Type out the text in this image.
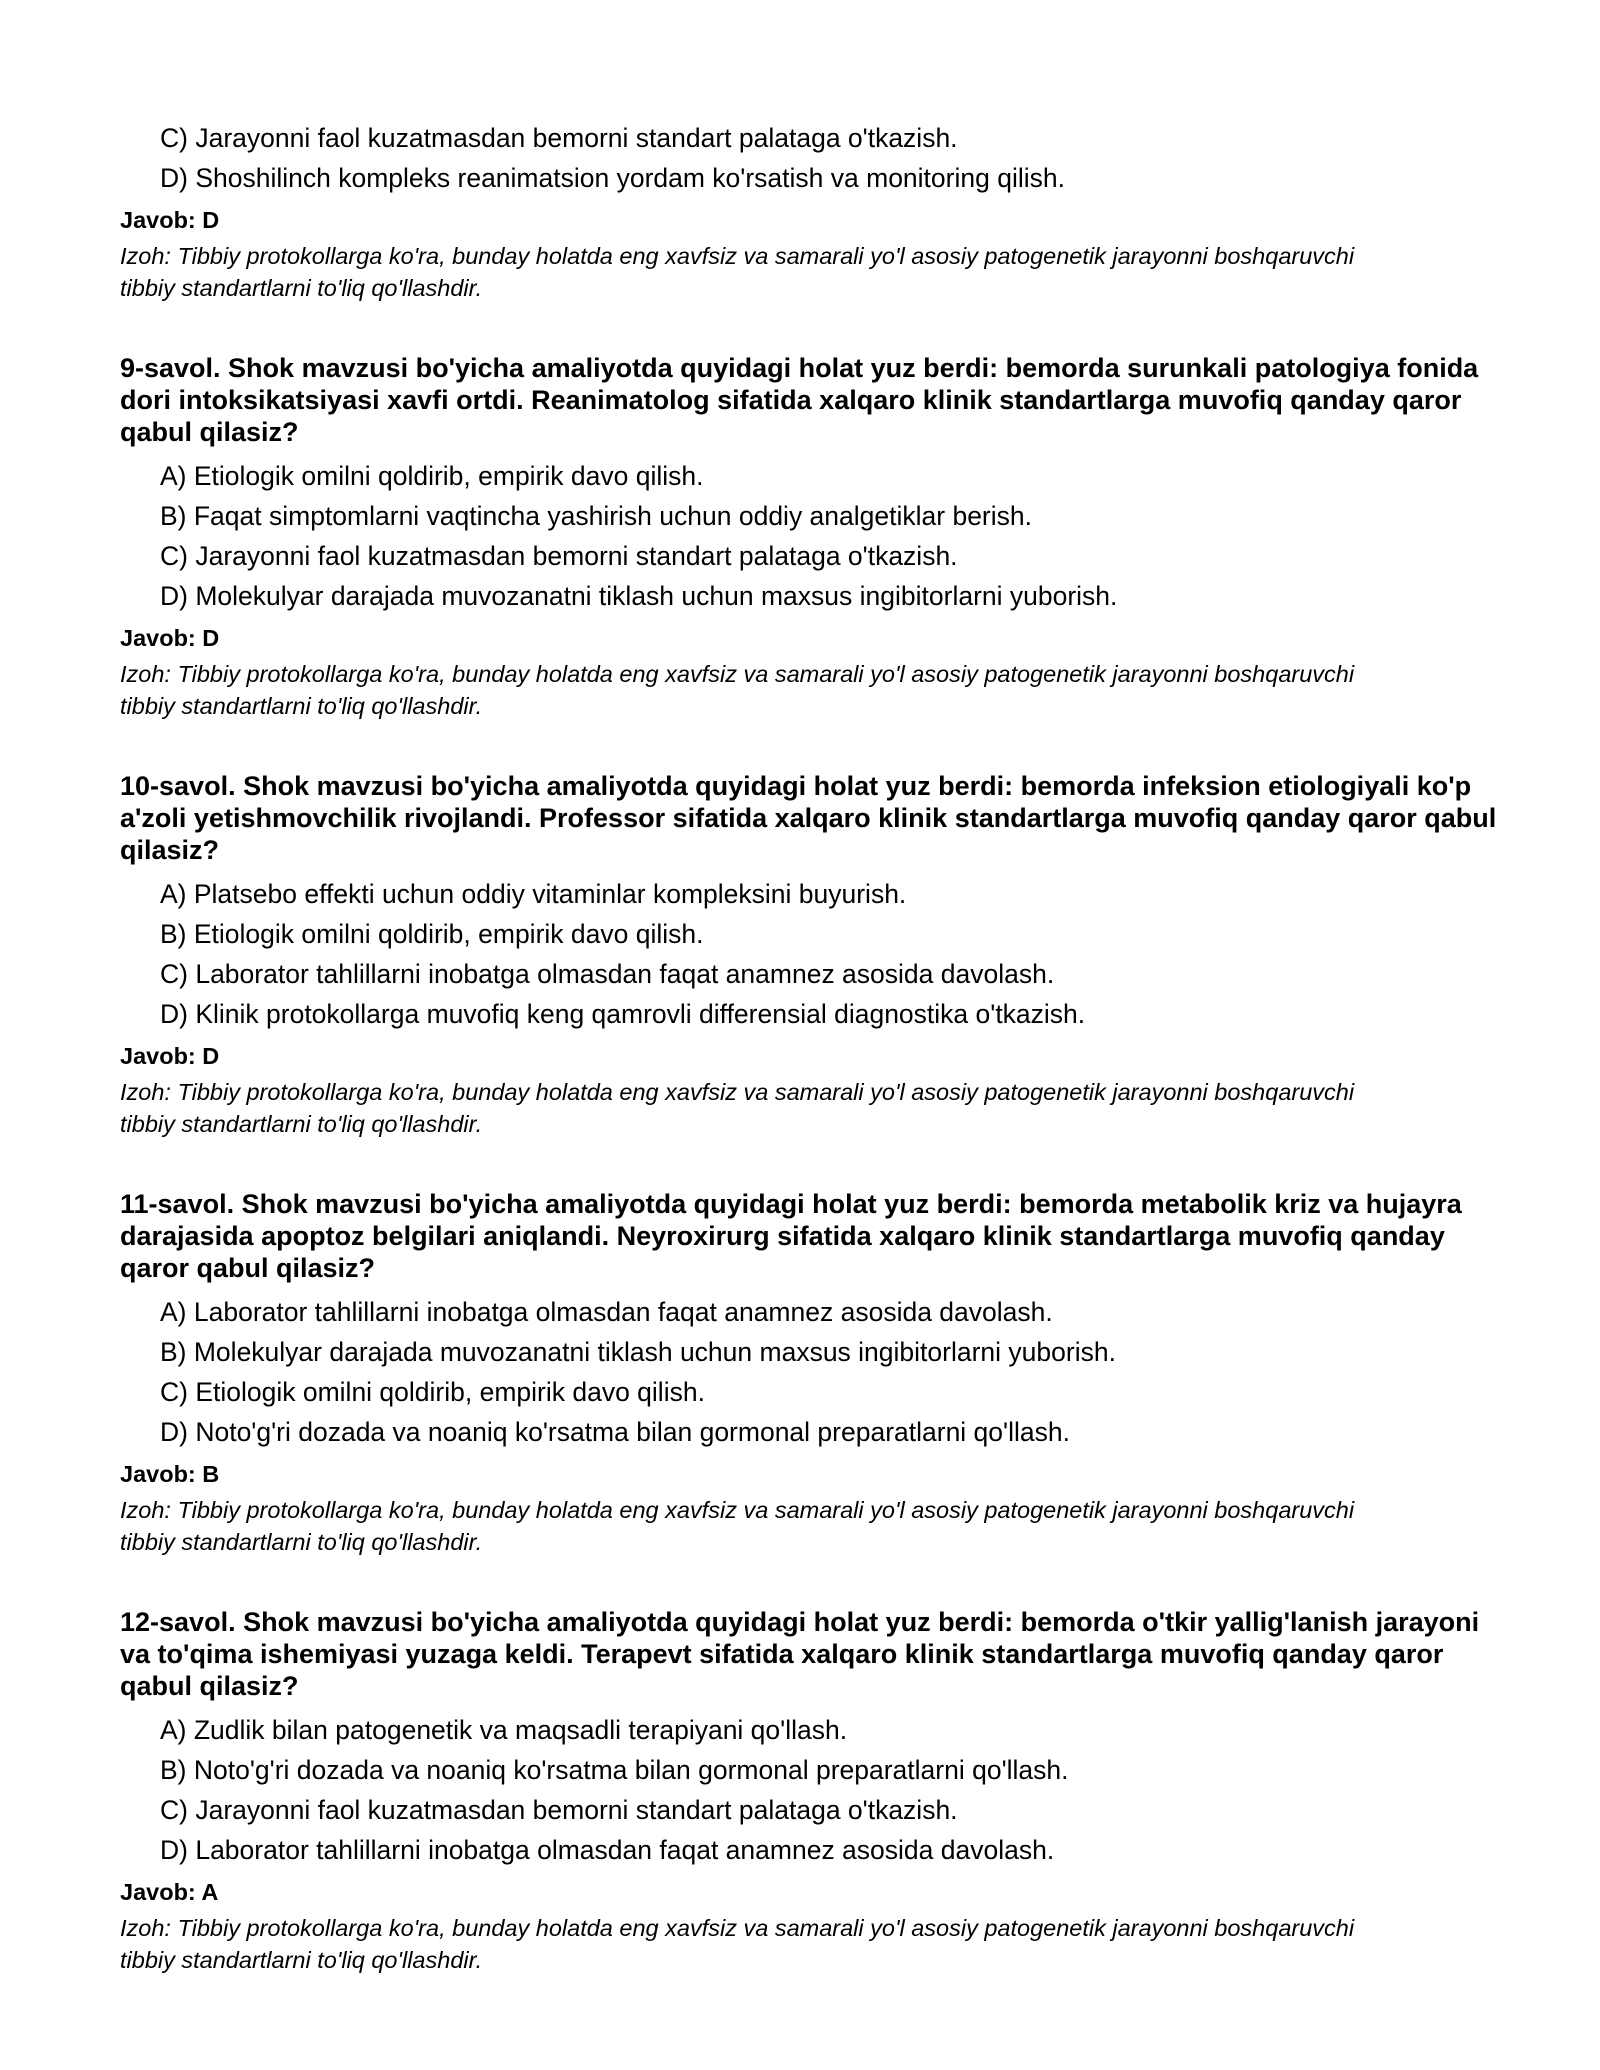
C) Jarayonni faol kuzatmasdan bemorni standart palataga o'tkazish.
D) Shoshilinch kompleks reanimatsion yordam ko'rsatish va monitoring qilish.
Javob: D
Izoh: Tibbiy protokollarga ko'ra, bunday holatda eng xavfsiz va samarali yo'l asosiy patogenetik jarayonni boshqaruvchi tibbiy standartlarni to'liq qo'llashdir.

9-savol. Shok mavzusi bo'yicha amaliyotda quyidagi holat yuz berdi: bemorda surunkali patologiya fonida dori intoksikatsiyasi xavfi ortdi. Reanimatolog sifatida xalqaro klinik standartlarga muvofiq qanday qaror qabul qilasiz?

A) Etiologik omilni qoldirib, empirik davo qilish.
B) Faqat simptomlarni vaqtincha yashirish uchun oddiy analgetiklar berish.
C) Jarayonni faol kuzatmasdan bemorni standart palataga o'tkazish.
D) Molekulyar darajada muvozanatni tiklash uchun maxsus ingibitorlarni yuborish.
Javob: D
Izoh: Tibbiy protokollarga ko'ra, bunday holatda eng xavfsiz va samarali yo'l asosiy patogenetik jarayonni boshqaruvchi tibbiy standartlarni to'liq qo'llashdir.

10-savol. Shok mavzusi bo'yicha amaliyotda quyidagi holat yuz berdi: bemorda infeksion etiologiyali ko'p a'zoli yetishmovchilik rivojlandi. Professor sifatida xalqaro klinik standartlarga muvofiq qanday qaror qabul qilasiz?

A) Platsebo effekti uchun oddiy vitaminlar kompleksini buyurish.
B) Etiologik omilni qoldirib, empirik davo qilish.
C) Laborator tahlillarni inobatga olmasdan faqat anamnez asosida davolash.
D) Klinik protokollarga muvofiq keng qamrovli differensial diagnostika o'tkazish.
Javob: D
Izoh: Tibbiy protokollarga ko'ra, bunday holatda eng xavfsiz va samarali yo'l asosiy patogenetik jarayonni boshqaruvchi tibbiy standartlarni to'liq qo'llashdir.

11-savol. Shok mavzusi bo'yicha amaliyotda quyidagi holat yuz berdi: bemorda metabolik kriz va hujayra darajasida apoptoz belgilari aniqlandi. Neyroxirurg sifatida xalqaro klinik standartlarga muvofiq qanday qaror qabul qilasiz?

A) Laborator tahlillarni inobatga olmasdan faqat anamnez asosida davolash.
B) Molekulyar darajada muvozanatni tiklash uchun maxsus ingibitorlarni yuborish.
C) Etiologik omilni qoldirib, empirik davo qilish.
D) Noto'g'ri dozada va noaniq ko'rsatma bilan gormonal preparatlarni qo'llash.
Javob: B
Izoh: Tibbiy protokollarga ko'ra, bunday holatda eng xavfsiz va samarali yo'l asosiy patogenetik jarayonni boshqaruvchi tibbiy standartlarni to'liq qo'llashdir.

12-savol. Shok mavzusi bo'yicha amaliyotda quyidagi holat yuz berdi: bemorda o'tkir yallig'lanish jarayoni va to'qima ishemiyasi yuzaga keldi. Terapevt sifatida xalqaro klinik standartlarga muvofiq qanday qaror qabul qilasiz?

A) Zudlik bilan patogenetik va maqsadli terapiyani qo'llash.
B) Noto'g'ri dozada va noaniq ko'rsatma bilan gormonal preparatlarni qo'llash.
C) Jarayonni faol kuzatmasdan bemorni standart palataga o'tkazish.
D) Laborator tahlillarni inobatga olmasdan faqat anamnez asosida davolash.
Javob: A
Izoh: Tibbiy protokollarga ko'ra, bunday holatda eng xavfsiz va samarali yo'l asosiy patogenetik jarayonni boshqaruvchi tibbiy standartlarni to'liq qo'llashdir.
